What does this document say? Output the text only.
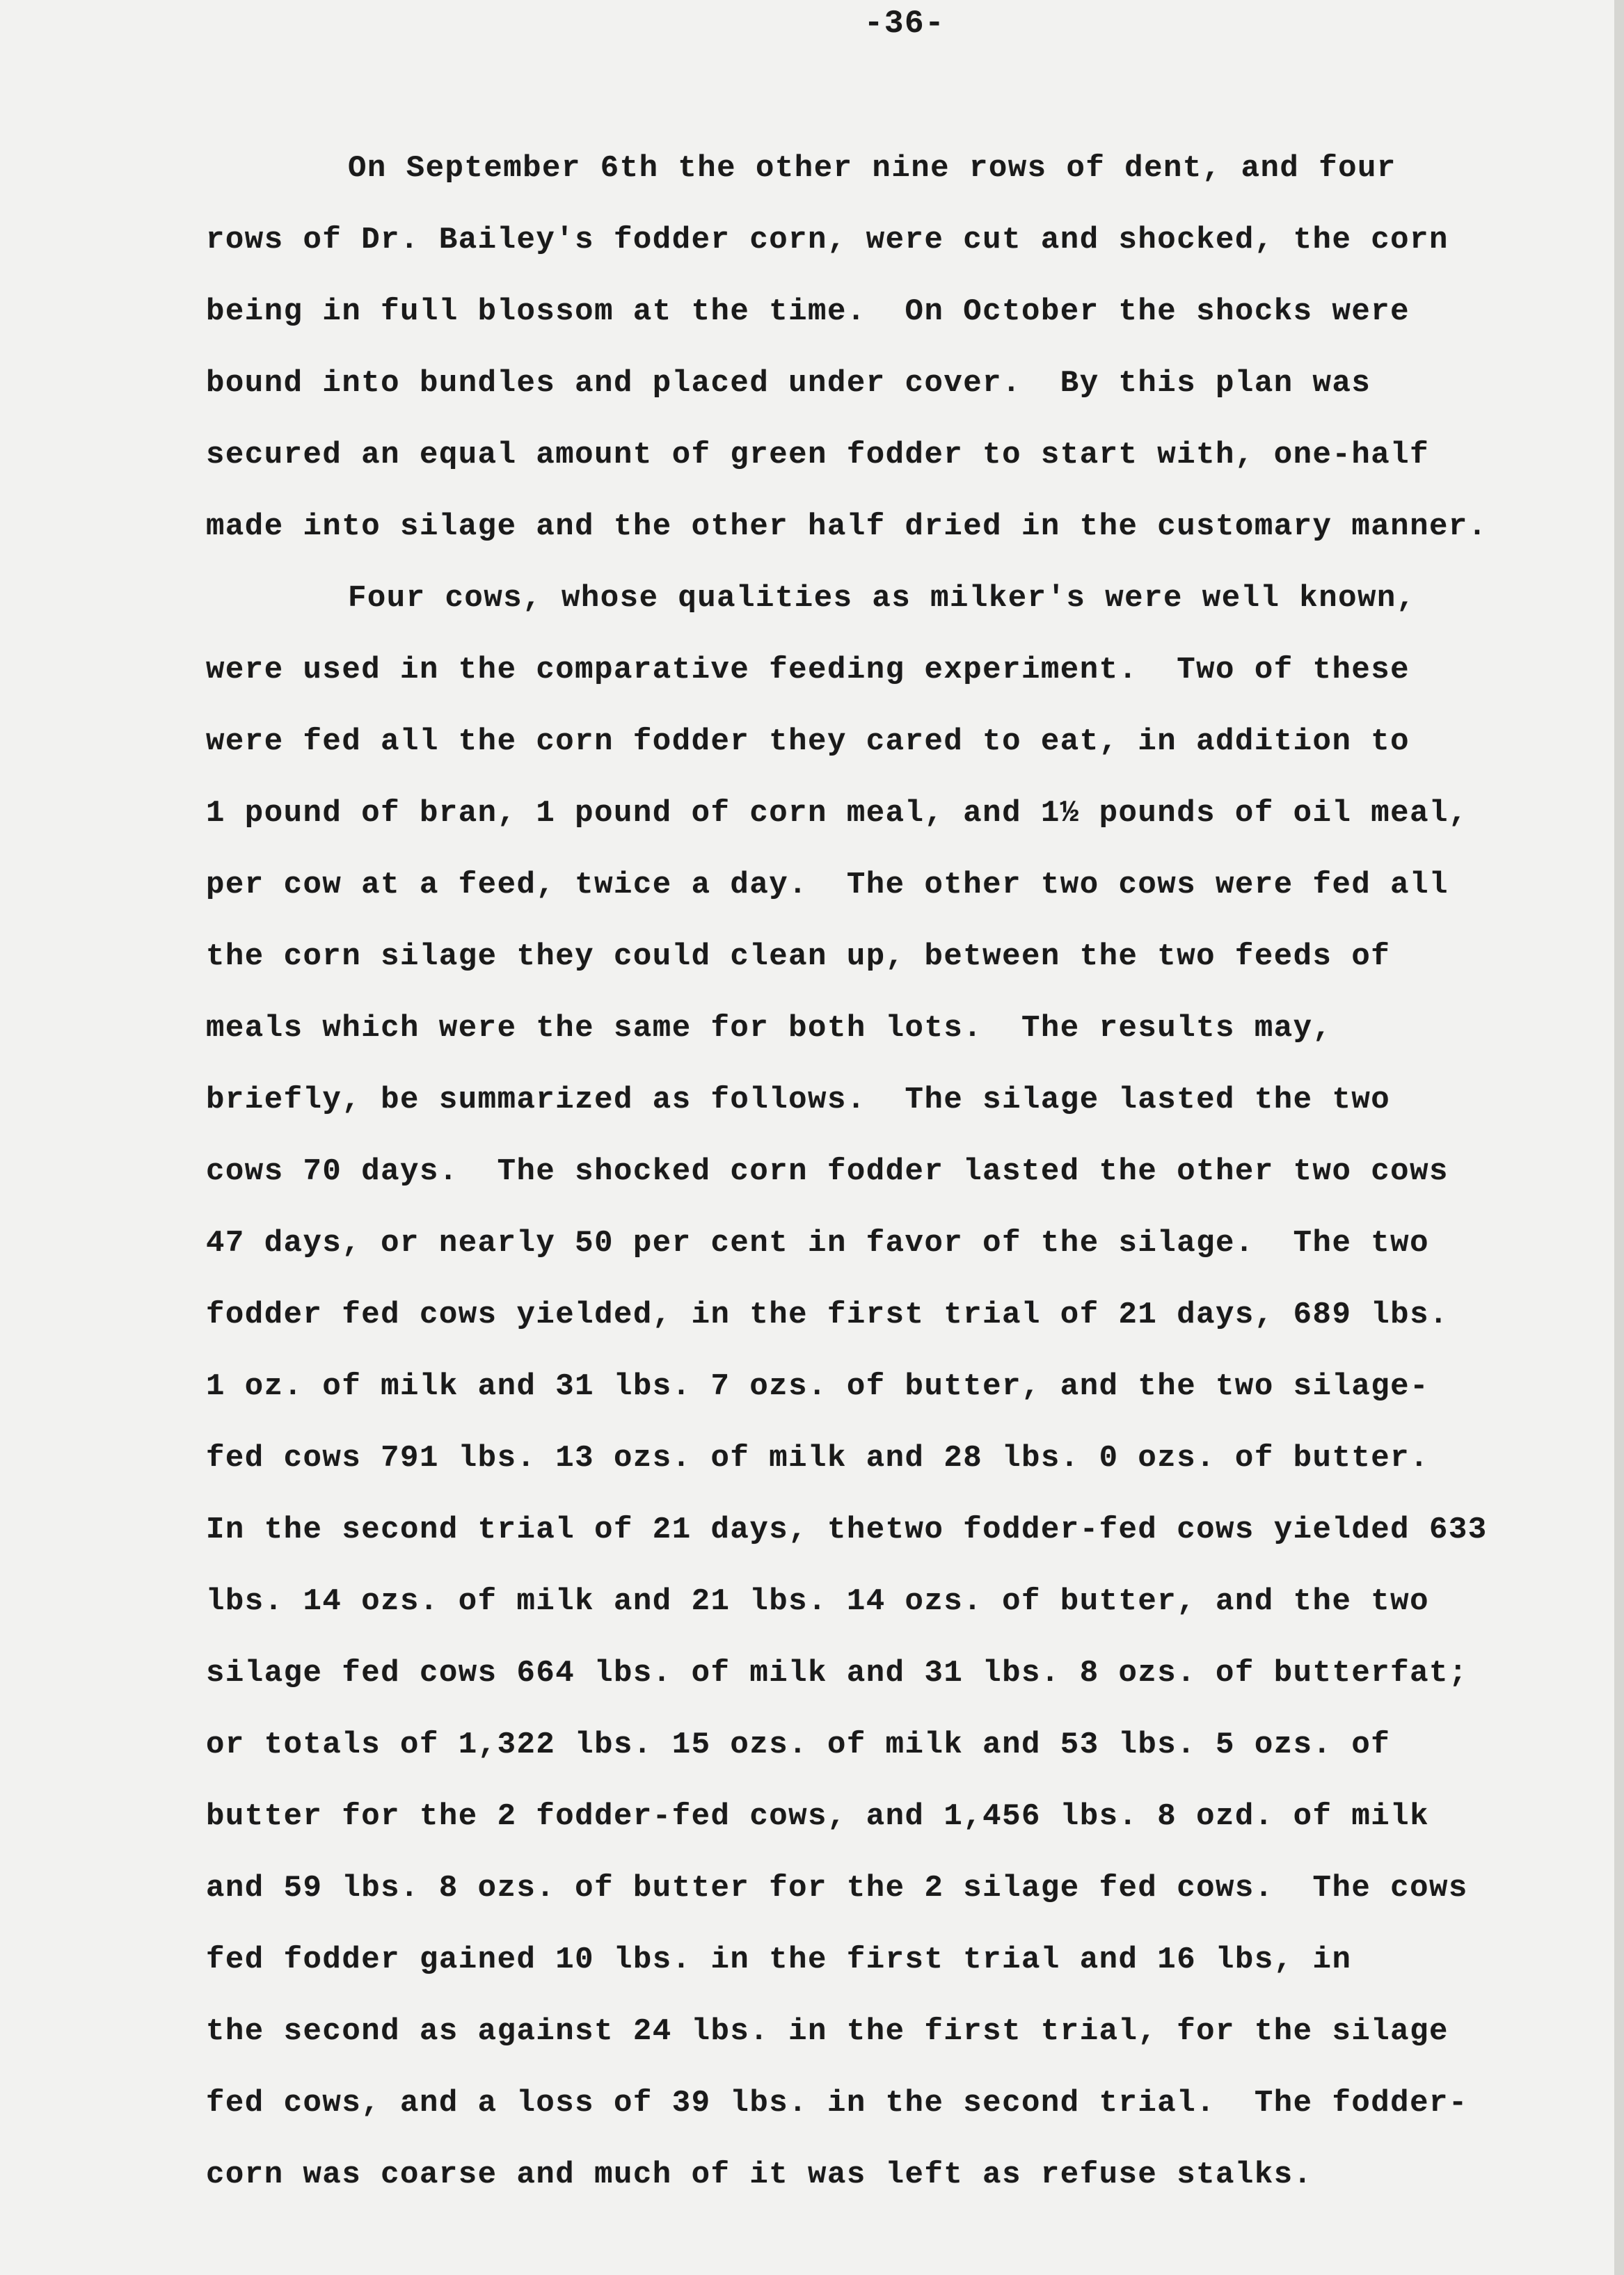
-36-
On September 6th the other nine rows of dent, and four
rows of Dr. Bailey's fodder corn, were cut and shocked, the corn
being in full blossom at the time.  On October the shocks were
bound into bundles and placed under cover.  By this plan was
secured an equal amount of green fodder to start with, one-half
made into silage and the other half dried in the customary manner.
Four cows, whose qualities as milker's were well known,
were used in the comparative feeding experiment.  Two of these
were fed all the corn fodder they cared to eat, in addition to
1 pound of bran, 1 pound of corn meal, and 1½ pounds of oil meal,
per cow at a feed, twice a day.  The other two cows were fed all
the corn silage they could clean up, between the two feeds of
meals which were the same for both lots.  The results may,
briefly, be summarized as follows.  The silage lasted the two
cows 70 days.  The shocked corn fodder lasted the other two cows
47 days, or nearly 50 per cent in favor of the silage.  The two
fodder fed cows yielded, in the first trial of 21 days, 689 lbs.
1 oz. of milk and 31 lbs. 7 ozs. of butter, and the two silage-
fed cows 791 lbs. 13 ozs. of milk and 28 lbs. 0 ozs. of butter.
In the second trial of 21 days, thetwo fodder-fed cows yielded 633
lbs. 14 ozs. of milk and 21 lbs. 14 ozs. of butter, and the two
silage fed cows 664 lbs. of milk and 31 lbs. 8 ozs. of butterfat;
or totals of 1,322 lbs. 15 ozs. of milk and 53 lbs. 5 ozs. of
butter for the 2 fodder-fed cows, and 1,456 lbs. 8 ozd. of milk
and 59 lbs. 8 ozs. of butter for the 2 silage fed cows.  The cows
fed fodder gained 10 lbs. in the first trial and 16 lbs, in
the second as against 24 lbs. in the first trial, for the silage
fed cows, and a loss of 39 lbs. in the second trial.  The fodder-
corn was coarse and much of it was left as refuse stalks.
